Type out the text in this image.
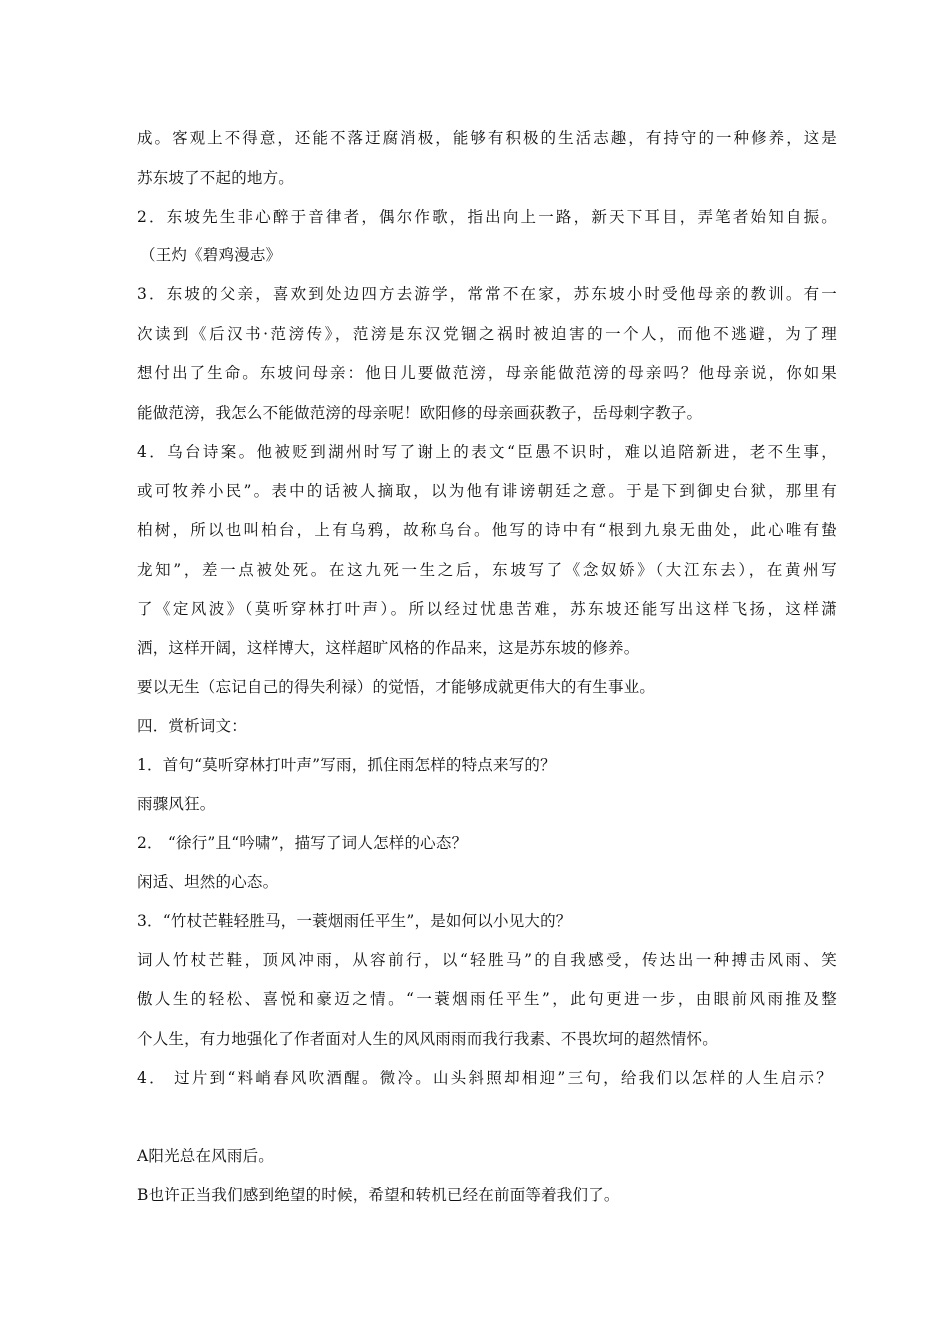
成。客观上不得意，还能不落迂腐消极，能够有积极的生活志趣，有持守的一种修养，这是
苏东坡了不起的地方。
2．东坡先生非心醉于音律者，偶尔作歌，指出向上一路，新天下耳目，弄笔者始知自振。
（王灼《碧鸡漫志》
3．东坡的父亲，喜欢到处边四方去游学，常常不在家，苏东坡小时受他母亲的教训。有一
次读到《后汉书·范滂传》，范滂是东汉党锢之祸时被迫害的一个人，而他不逃避，为了理
想付出了生命。东坡问母亲：他日儿要做范滂，母亲能做范滂的母亲吗？他母亲说，你如果
能做范滂，我怎么不能做范滂的母亲呢！欧阳修的母亲画荻教子，岳母刺字教子。
4．乌台诗案。他被贬到湖州时写了谢上的表文“臣愚不识时，难以追陪新进，老不生事，
或可牧养小民”。表中的话被人摘取，以为他有诽谤朝廷之意。于是下到御史台狱，那里有
柏树，所以也叫柏台，上有乌鸦，故称乌台。他写的诗中有“根到九泉无曲处，此心唯有蛰
龙知”，差一点被处死。在这九死一生之后，东坡写了《念奴娇》（大江东去），在黄州写
了《定风波》（莫听穿林打叶声）。所以经过忧患苦难，苏东坡还能写出这样飞扬，这样潇
洒，这样开阔，这样博大，这样超旷风格的作品来，这是苏东坡的修养。
要以无生（忘记自己的得失利禄）的觉悟，才能够成就更伟大的有生事业。
四．赏析词文：
1．首句“莫听穿林打叶声”写雨，抓住雨怎样的特点来写的？
雨骤风狂。
2． “徐行”且“吟啸”，描写了词人怎样的心态？
闲适、坦然的心态。
3．“竹杖芒鞋轻胜马，一蓑烟雨任平生”，是如何以小见大的？
词人竹杖芒鞋，顶风冲雨，从容前行，以“轻胜马”的自我感受，传达出一种搏击风雨、笑
傲人生的轻松、喜悦和豪迈之情。“一蓑烟雨任平生”，此句更进一步，由眼前风雨推及整
个人生，有力地强化了作者面对人生的风风雨雨而我行我素、不畏坎坷的超然情怀。
4． 过片到“料峭春风吹酒醒。微冷。山头斜照却相迎”三句，给我们以怎样的人生启示？
A阳光总在风雨后。
B也许正当我们感到绝望的时候，希望和转机已经在前面等着我们了。
